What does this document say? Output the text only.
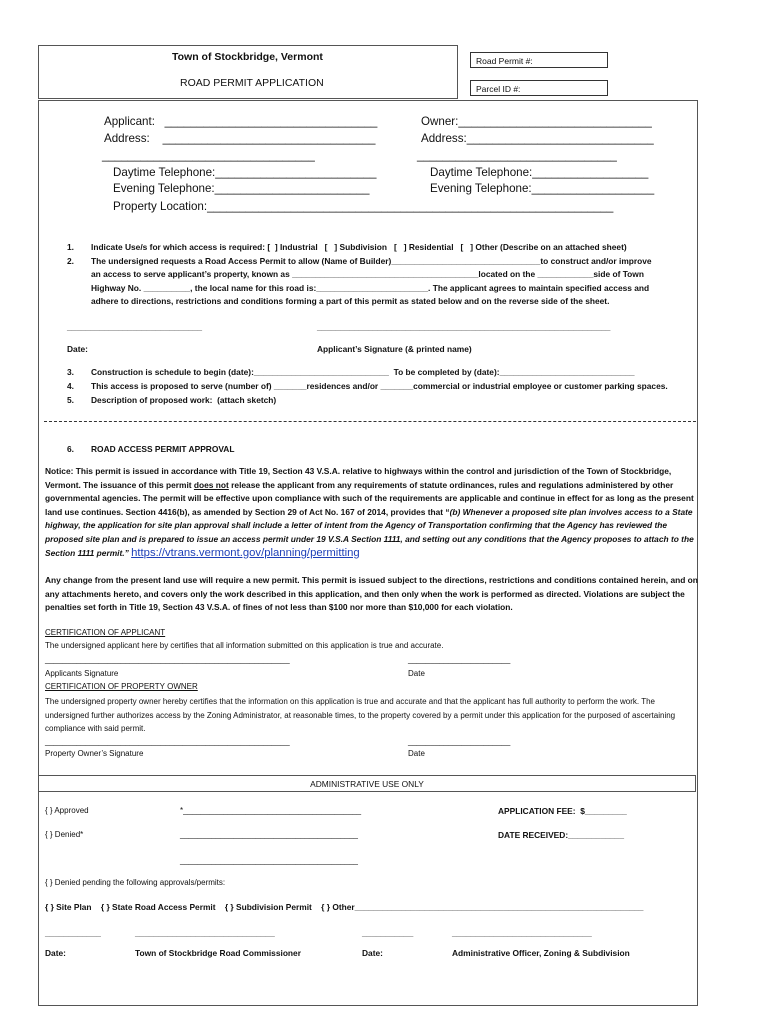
Town of Stockbridge, Vermont
ROAD PERMIT APPLICATION
Road Permit #:
Parcel ID #:
Applicant:   _________________________________
Address:    _________________________________
_________________________________
Daytime Telephone:_________________________
Evening Telephone:________________________
Property Location:_______________________________________________________________
Owner:______________________________
Address:_____________________________
_______________________________
Daytime Telephone:__________________
Evening Telephone:___________________
1. Indicate Use/s for which access is required: [  ] Industrial   [   ] Subdivision   [   ] Residential   [   ] Other (Describe on an attached sheet)
2. The undersigned requests a Road Access Permit to allow (Name of Builder)________________________________to construct and/or improve
an access to serve applicant’s property, known as ________________________________________located on the ____________side of Town
Highway No. __________, the local name for this road is:________________________. The applicant agrees to maintain specified access and
adhere to directions, restrictions and conditions forming a part of this permit as stated below and on the reverse side of the sheet.
_____________________________	_______________________________________________________________
Date:	Applicant’s Signature (& printed name)
3. Construction is schedule to begin (date):_____________________________  To be completed by (date):_____________________________
4. This access is proposed to serve (number of) _______residences and/or _______commercial or industrial employee or customer parking spaces.
5. Description of proposed work:  (attach sketch)
6. ROAD ACCESS PERMIT APPROVAL
Notice: This permit is issued in accordance with Title 19, Section 43 V.S.A. relative to highways within the control and jurisdiction of the Town of Stockbridge, Vermont. The issuance of this permit does not release the applicant from any requirements of statute ordinances, rules and regulations administered by other governmental agencies. The permit will be effective upon compliance with such of the requirements are applicable and continue in effect for as long as the present land use continues. Section 4416(b), as amended by Section 29 of Act No. 167 of 2014, provides that “(b) Whenever a proposed site plan involves access to a State highway, the application for site plan approval shall include a letter of intent from the Agency of Transportation confirming that the Agency has reviewed the proposed site plan and is prepared to issue an access permit under 19 V.S.A Section 1111, and setting out any conditions that the Agency proposes to attach to the Section 1111 permit.” https://vtrans.vermont.gov/planning/permitting
Any change from the present land use will require a new permit. This permit is issued subject to the directions, restrictions and conditions contained herein, and on any attachments hereto, and covers only the work described in this application, and then only when the work is performed as directed. Violations are subject the penalties set forth in Title 19, Section 43 V.S.A. of fines of not less than $100 nor more than $10,000 for each violation.
CERTIFICATION OF APPLICANT
The undersigned applicant here by certifies that all information submitted on this application is true and accurate.
_______________________________________________________	_______________________
Applicants Signature	Date
CERTIFICATION OF PROPERTY OWNER
The undersigned property owner hereby certifies that the information on this application is true and accurate and that the applicant has full authority to perform the work. The undersigned further authorizes access by the Zoning Administrator, at reasonable times, to the property covered by a permit under this application for the purposed of ascertaining compliance with said permit.
_______________________________________________________	_______________________
Property Owner’s Signature	Date
ADMINISTRATIVE USE ONLY
{ } Approved	*________________________________________	APPLICATION FEE:  $_________
{ } Denied*	________________________________________	DATE RECEIVED:____________
________________________________________
{ } Denied pending the following approvals/permits:
{ } Site Plan    { } State Road Access Permit    { } Subdivision Permit    { } Other______________________________________________________________
____________	______________________________	___________	______________________________
Date:	Town of Stockbridge Road Commissioner	Date:	Administrative Officer, Zoning & Subdivision
